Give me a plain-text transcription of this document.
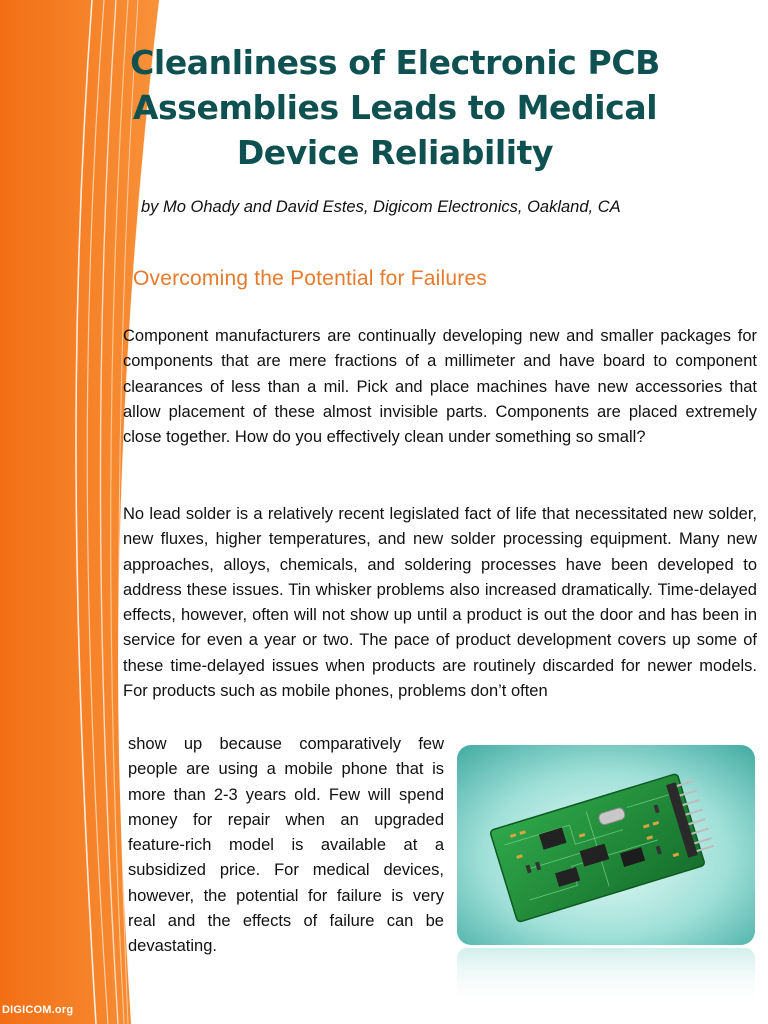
DIGICOM.org
Cleanliness of Electronic PCB Assemblies Leads to Medical Device Reliability

by Mo Ohady and David Estes, Digicom Electronics, Oakland, CA

Overcoming the Potential for Failures

Component manufacturers are continually developing new and smaller packages for components that are mere fractions of a millimeter and have board to component clearances of less than a mil. Pick and place machines have new accessories that allow placement of these almost invisible parts. Components are placed extremely close together. How do you effectively clean under something so small?

No lead solder is a relatively recent legislated fact of life that necessitated new solder, new fluxes, higher temperatures, and new solder processing equipment. Many new approaches, alloys, chemicals, and soldering processes have been developed to address these issues. Tin whisker problems also increased dramatically. Time-delayed effects, however, often will not show up until a product is out the door and has been in service for even a year or two. The pace of product development covers up some of these time-delayed issues when products are routinely discarded for newer models. For products such as mobile phones, problems don’t often

show up because comparatively few people are using a mobile phone that is more than 2-3 years old. Few will spend money for repair when an upgraded feature-rich model is available at a subsidized price. For medical devices, however, the potential for failure is very real and the effects of failure can be devastating.
